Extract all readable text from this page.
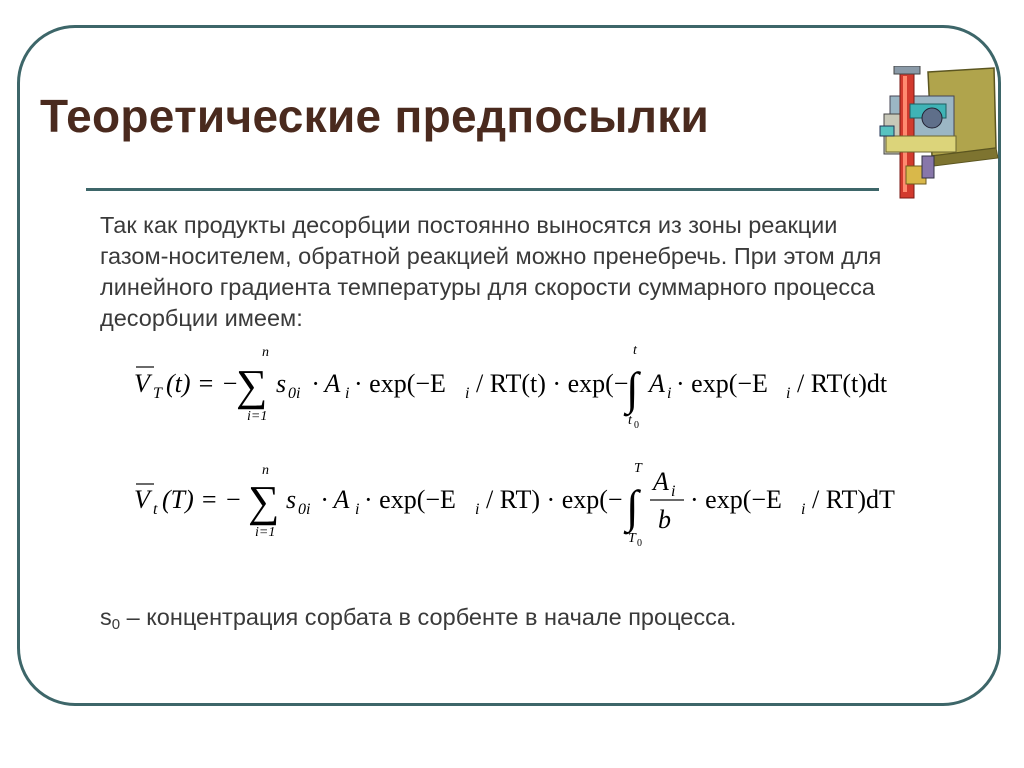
Теоретические предпосылки

Так как продукты десорбции постоянно выносятся из зоны реакции газом-носителем, обратной реакцией можно пренебречь. При этом для линейного градиента температуры для скорости суммарного процесса десорбции имеем:

V T (t) = −
n
∑
i=1
s 0i · A i · exp(−E i / RT(t) · exp(−
t
∫
t 0
A i · exp(−E i / RT(t)dt
V t (T) = −
n
∑
i=1
s 0i · A i · exp(−E i / RT) · exp(−
T
∫
T 0
A i
b
· exp(−E i / RT)dT

$s_0$ – концентрация сорбата в сорбенте в начале процесса.
